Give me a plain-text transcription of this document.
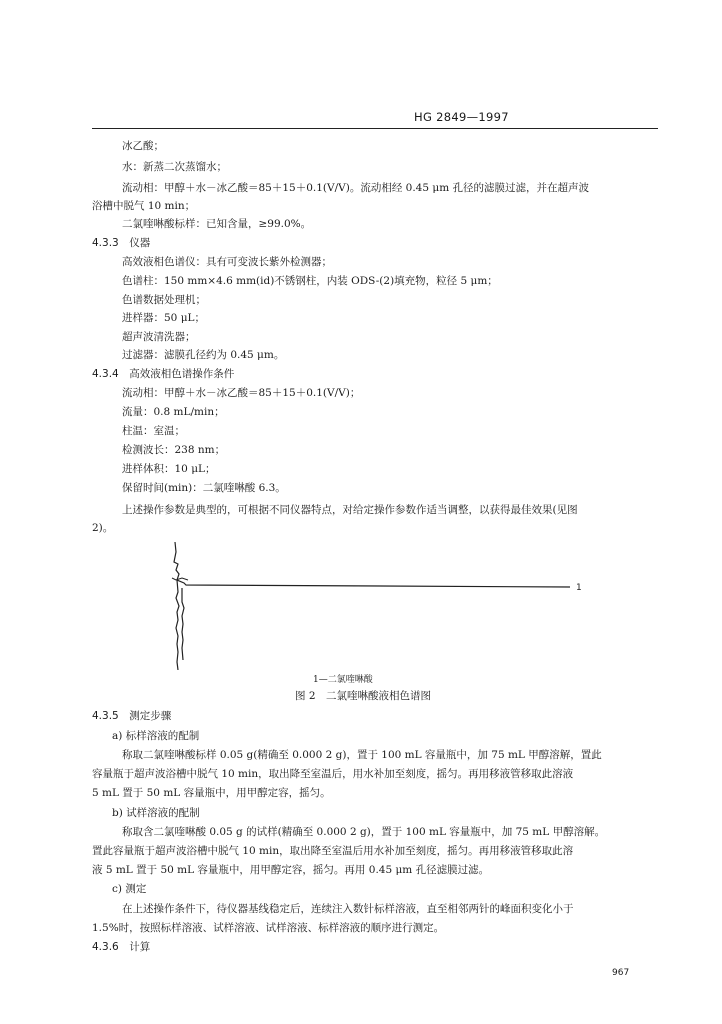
HG 2849—1997
冰乙酸；
水：新蒸二次蒸馏水；
流动相：甲醇＋水－冰乙酸＝85＋15＋0.1(V/V)。流动相经 0.45 μm 孔径的滤膜过滤，并在超声波
浴槽中脱气 10 min；
二氯喹啉酸标样：已知含量，≥99.0%。
4.3.3　仪器
高效液相色谱仪：具有可变波长紫外检测器；
色谱柱：150 mm×4.6 mm(id)不锈钢柱，内装 ODS-(2)填充物，粒径 5 μm；
色谱数据处理机；
进样器：50 μL；
超声波清洗器；
过滤器：滤膜孔径约为 0.45 μm。
4.3.4　高效液相色谱操作条件
流动相：甲醇＋水－冰乙酸＝85＋15＋0.1(V/V)；
流量：0.8 mL/min；
柱温：室温；
检测波长：238 nm；
进样体积：10 μL；
保留时间(min)：二氯喹啉酸 6.3。
上述操作参数是典型的，可根据不同仪器特点，对给定操作参数作适当调整，以获得最佳效果(见图
2)。
1
1—二氯喹啉酸
图 2　二氯喹啉酸液相色谱图
4.3.5　测定步骤
a) 标样溶液的配制
称取二氯喹啉酸标样 0.05 g(精确至 0.000 2 g)，置于 100 mL 容量瓶中，加 75 mL 甲醇溶解，置此
容量瓶于超声波浴槽中脱气 10 min，取出降至室温后，用水补加至刻度，摇匀。再用移液管移取此溶液
5 mL 置于 50 mL 容量瓶中，用甲醇定容，摇匀。
b) 试样溶液的配制
称取含二氯喹啉酸 0.05 g 的试样(精确至 0.000 2 g)，置于 100 mL 容量瓶中，加 75 mL 甲醇溶解。
置此容量瓶于超声波浴槽中脱气 10 min，取出降至室温后用水补加至刻度，摇匀。再用移液管移取此溶
液 5 mL 置于 50 mL 容量瓶中，用甲醇定容，摇匀。再用 0.45 μm 孔径滤膜过滤。
c) 测定
在上述操作条件下，待仪器基线稳定后，连续注入数针标样溶液，直至相邻两针的峰面积变化小于
1.5%时，按照标样溶液、试样溶液、试样溶液、标样溶液的顺序进行测定。
4.3.6　计算
967
